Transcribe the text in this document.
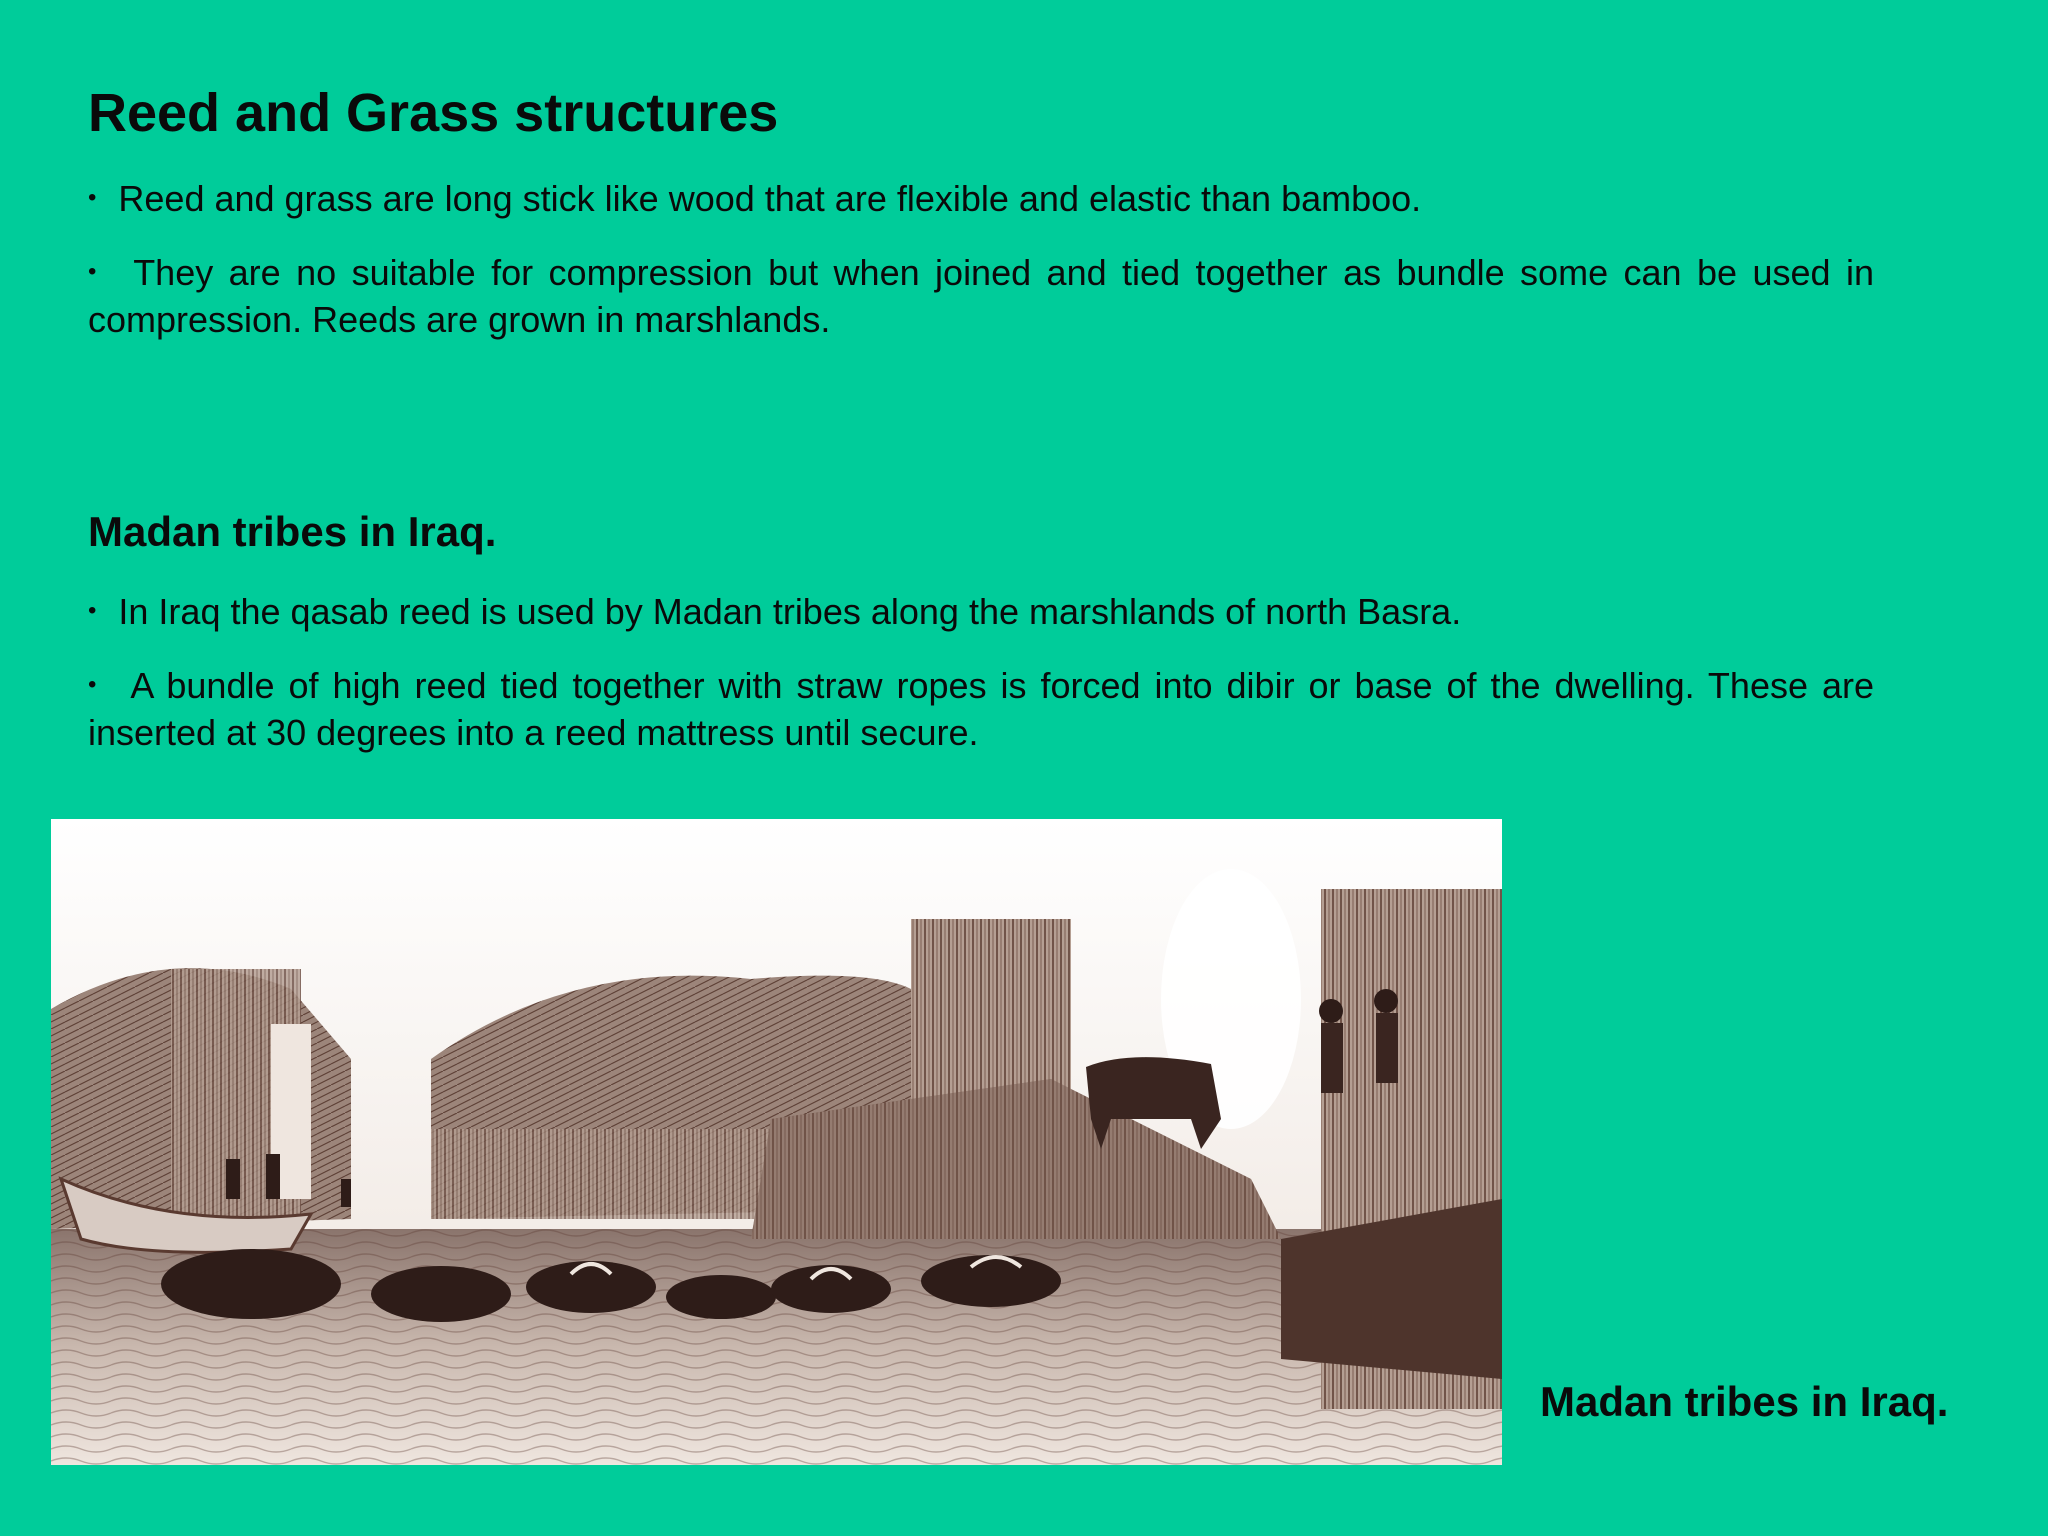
Reed and Grass structures
• Reed and grass are long stick like wood that are flexible and elastic than bamboo.
• They are no suitable for compression but when joined and tied together as bundle some can be used in compression. Reeds are grown in marshlands.
Madan tribes in Iraq.
• In Iraq the qasab reed is used by Madan tribes along the marshlands of north Basra.
• A bundle of high reed tied together with straw ropes is forced into dibir or base of the dwelling. These are inserted at 30 degrees into a reed mattress until secure.

Madan tribes in Iraq.
